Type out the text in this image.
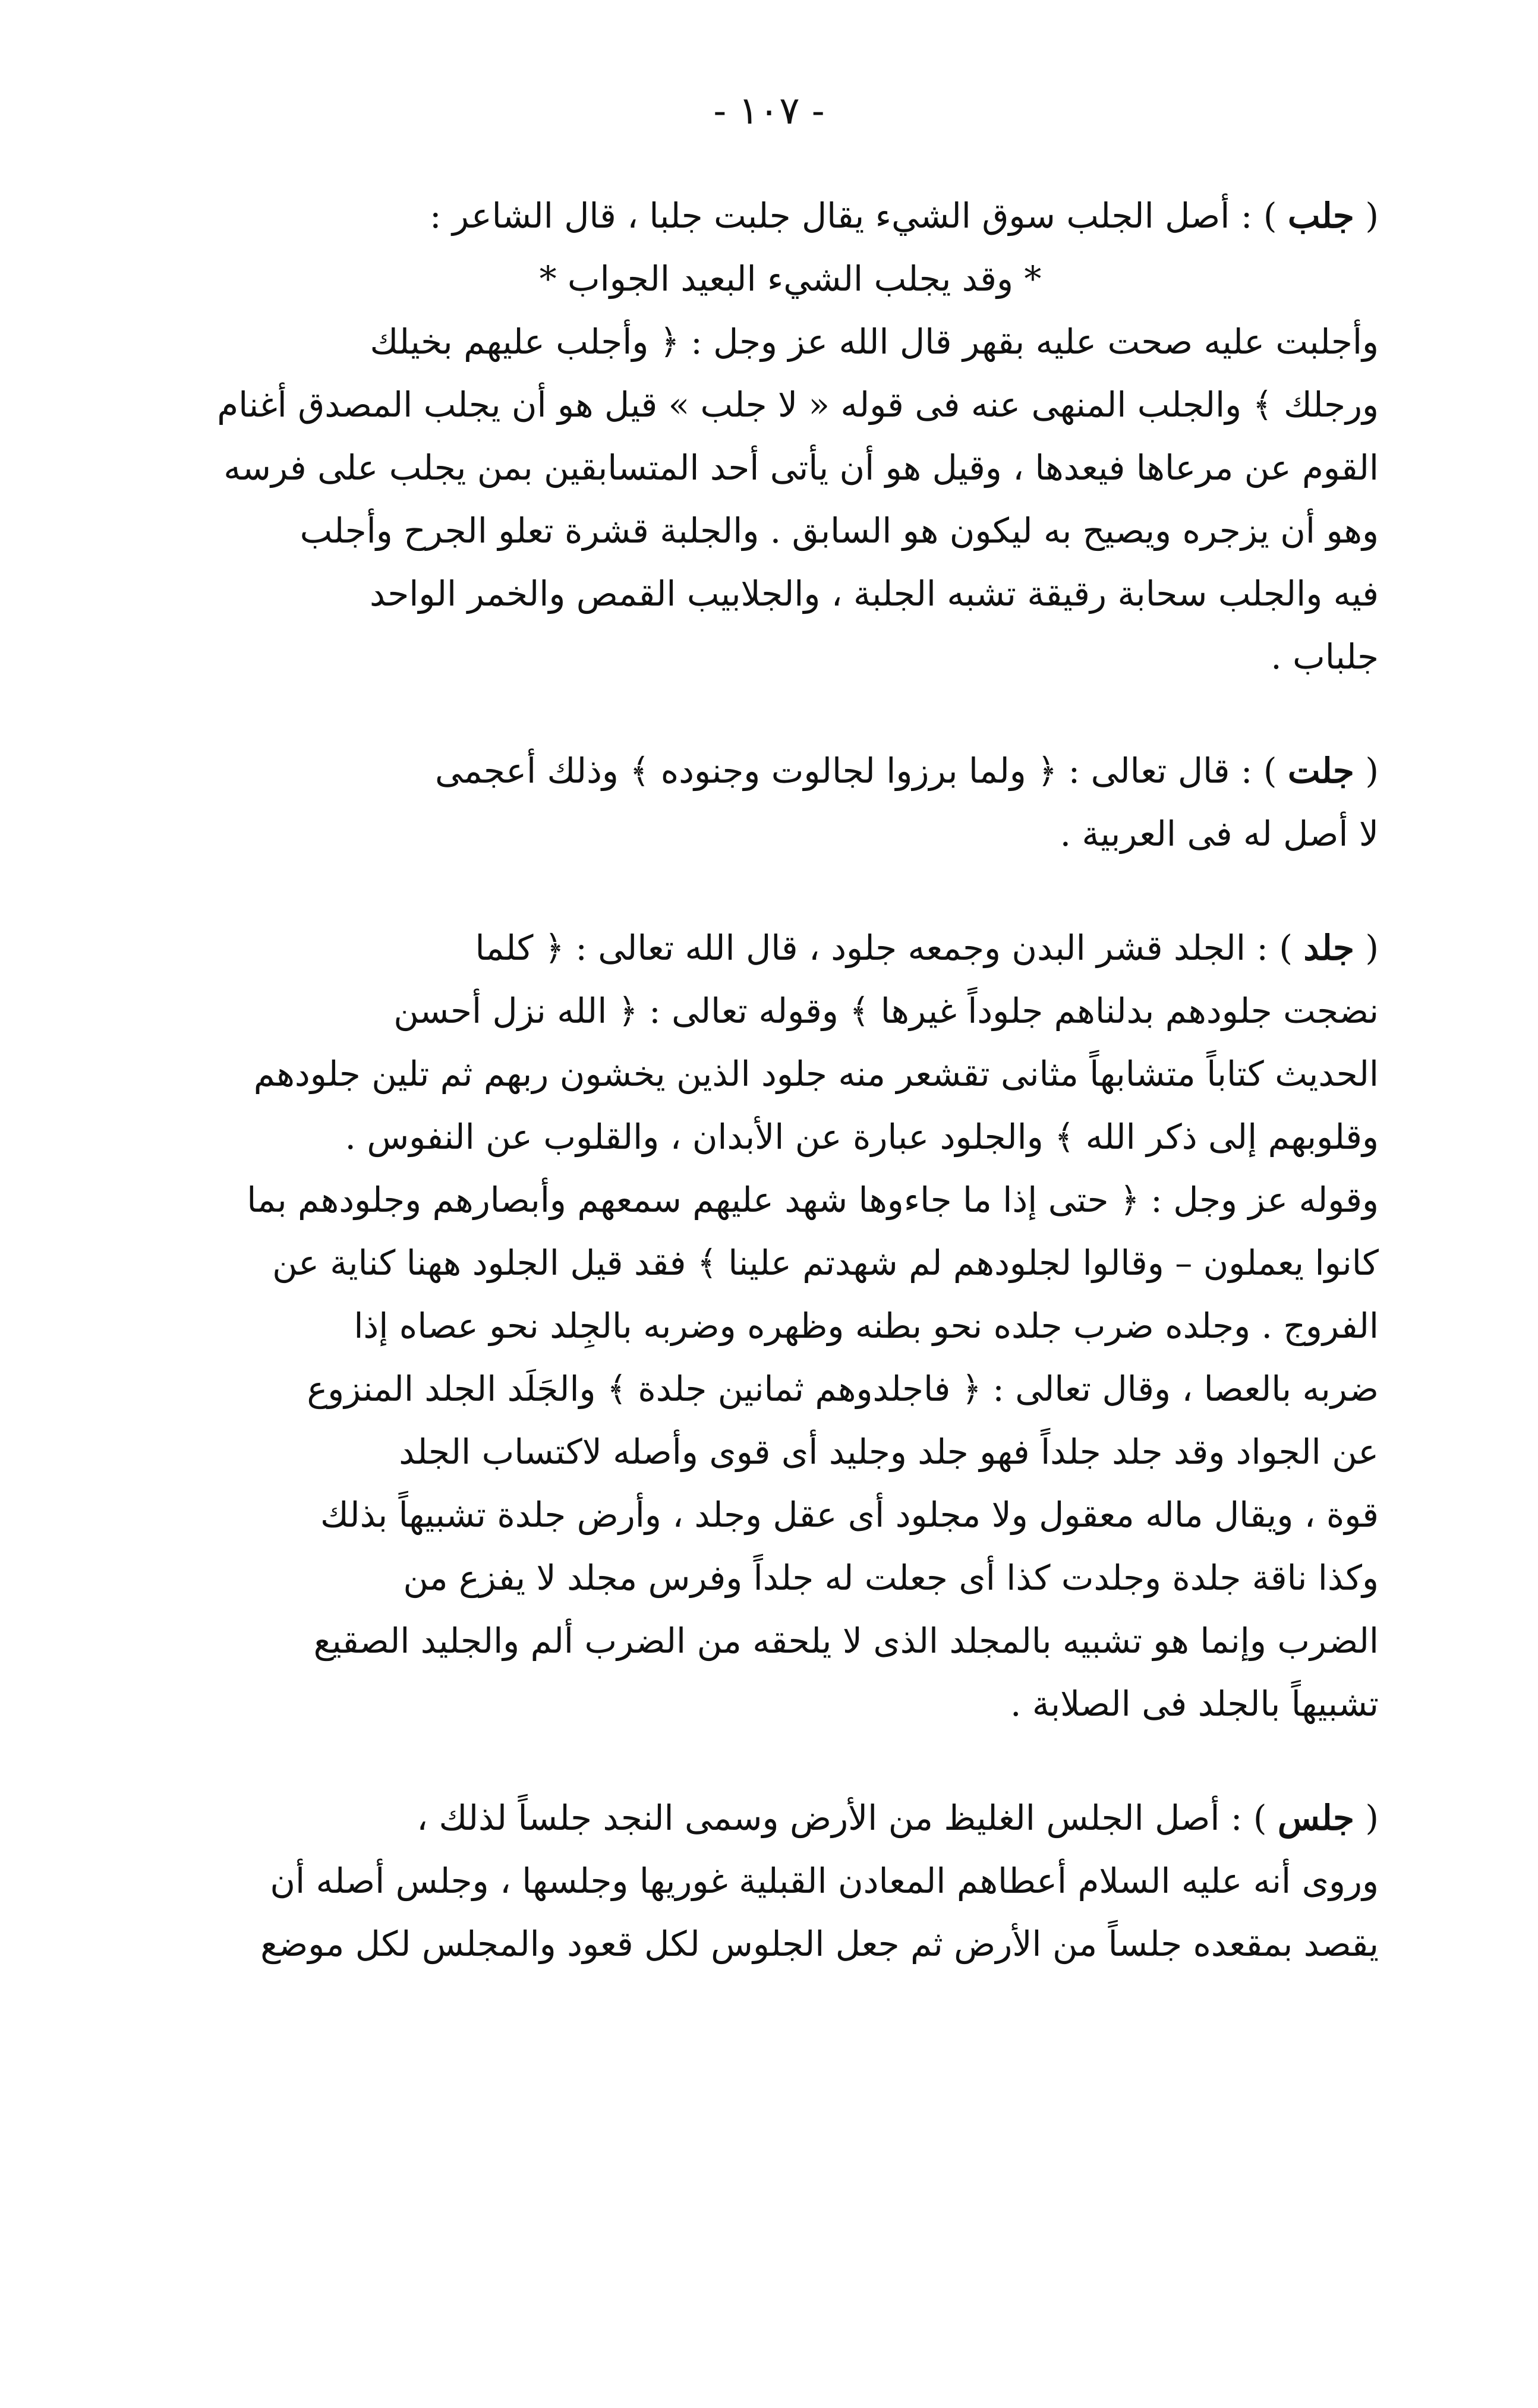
- ١٠٧ -
( جلب ) : أصل الجلب سوق الشيء يقال جلبت جلبا ، قال الشاعر :
* وقد يجلب الشيء البعيد الجواب *
وأجلبت عليه صحت عليه بقهر قال الله عز وجل : ﴿ وأجلب عليهم بخيلك
ورجلك ﴾ والجلب المنهى عنه فى قوله « لا جلب » قيل هو أن يجلب المصدق أغنام
القوم عن مرعاها فيعدها ، وقيل هو أن يأتى أحد المتسابقين بمن يجلب على فرسه
وهو أن يزجره ويصيح به ليكون هو السابق . والجلبة قشرة تعلو الجرح وأجلب
فيه والجلب سحابة رقيقة تشبه الجلبة ، والجلابيب القمص والخمر الواحد
جلباب .
( جلت ) : قال تعالى : ﴿ ولما برزوا لجالوت وجنوده ﴾ وذلك أعجمى
لا أصل له فى العربية .
( جلد ) : الجلد قشر البدن وجمعه جلود ، قال الله تعالى : ﴿ كلما
نضجت جلودهم بدلناهم جلوداً غيرها ﴾ وقوله تعالى : ﴿ الله نزل أحسن
الحديث كتاباً متشابهاً مثانى تقشعر منه جلود الذين يخشون ربهم ثم تلين جلودهم
وقلوبهم إلى ذكر الله ﴾ والجلود عبارة عن الأبدان ، والقلوب عن النفوس .
وقوله عز وجل : ﴿ حتى إذا ما جاءوها شهد عليهم سمعهم وأبصارهم وجلودهم بما
كانوا يعملون – وقالوا لجلودهم لم شهدتم علينا ﴾ فقد قيل الجلود ههنا كناية عن
الفروج . وجلده ضرب جلده نحو بطنه وظهره وضربه بالجِلد نحو عصاه إذا
ضربه بالعصا ، وقال تعالى : ﴿ فاجلدوهم ثمانين جلدة ﴾ والجَلَد الجلد المنزوع
عن الجواد وقد جلد جلداً فهو جلد وجليد أى قوى وأصله لاكتساب الجلد
قوة ، ويقال ماله معقول ولا مجلود أى عقل وجلد ، وأرض جلدة تشبيهاً بذلك
وكذا ناقة جلدة وجلدت كذا أى جعلت له جلداً وفرس مجلد لا يفزع من
الضرب وإنما هو تشبيه بالمجلد الذى لا يلحقه من الضرب ألم والجليد الصقيع
تشبيهاً بالجلد فى الصلابة .
( جلس ) : أصل الجلس الغليظ من الأرض وسمى النجد جلساً لذلك ،
وروى أنه عليه السلام أعطاهم المعادن القبلية غوريها وجلسها ، وجلس أصله أن
يقصد بمقعده جلساً من الأرض ثم جعل الجلوس لكل قعود والمجلس لكل موضع
